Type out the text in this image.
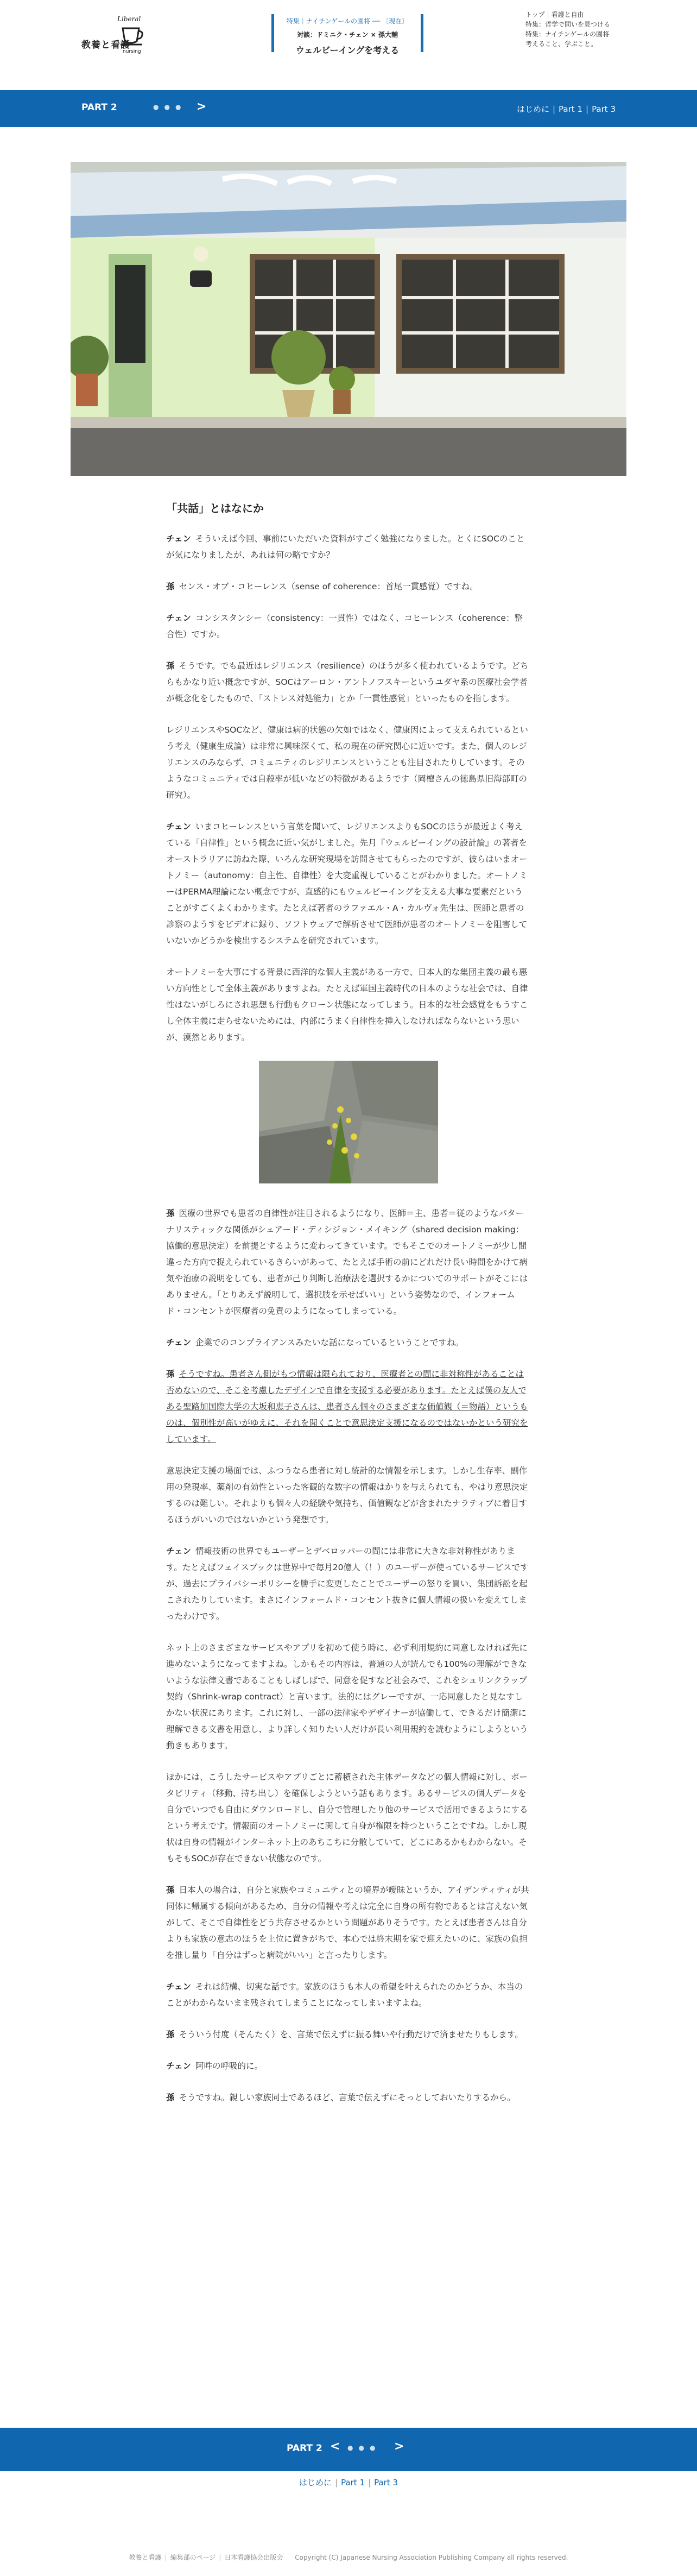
Liberal
教養と看護
nursing
特集｜ナイチンゲールの園将 ── 〔現在〕
対談：ドミニク・チェン × 孫大輔
ウェルビーイングを考える
トップ｜看護と自由
特集：哲学で問いを見つける
特集：ナイチンゲールの園将
考えること、学ぶこと。
PART 2	●●● >	はじめに | Part 1 | Part 3
「共話」とはなにか

チェン そういえば今回、事前にいただいた資料がすごく勉強になりました。とくにSOCのことが気になりましたが、あれは何の略ですか？

孫 センス・オブ・コヒーレンス（sense of coherence：首尾一貫感覚）ですね。

チェン コンシスタンシー（consistency：一貫性）ではなく、コヒーレンス（coherence：整合性）ですか。

孫 そうです。でも最近はレジリエンス（resilience）のほうが多く使われているようです。どちらもかなり近い概念ですが、SOCはアーロン・アントノフスキーというユダヤ系の医療社会学者が概念化をしたもので、「ストレス対処能力」とか「一貫性感覚」といったものを指します。

レジリエンスやSOCなど、健康は病的状態の欠如ではなく、健康因によって支えられているという考え（健康生成論）は非常に興味深くて、私の現在の研究関心に近いです。また、個人のレジリエンスのみならず、コミュニティのレジリエンスということも注目されたりしています。そのようなコミュニティでは自殺率が低いなどの特徴があるようです（岡檀さんの徳島県旧海部町の研究）。

チェン いまコヒーレンスという言葉を聞いて、レジリエンスよりもSOCのほうが最近よく考えている「自律性」という概念に近い気がしました。先月『ウェルビーイングの設計論』の著者をオーストラリアに訪ねた際、いろんな研究現場を訪問させてもらったのですが、彼らはいまオートノミー（autonomy：自主性、自律性）を大変重視していることがわかりました。オートノミーはPERMA理論にない概念ですが、直感的にもウェルビーイングを支える大事な要素だということがすごくよくわかります。たとえば著者のラファエル・A・カルヴォ先生は、医師と患者の診察のようすをビデオに録り、ソフトウェアで解析させて医師が患者のオートノミーを阻害していないかどうかを検出するシステムを研究されています。

オートノミーを大事にする背景に西洋的な個人主義がある一方で、日本人的な集団主義の最も悪い方向性として全体主義がありますよね。たとえば軍国主義時代の日本のような社会では、自律性はないがしろにされ思想も行動もクローン状態になってしまう。日本的な社会感覚をもうすこし全体主義に走らせないためには、内部にうまく自律性を挿入しなければならないという思いが、漠然とあります。

孫 医療の世界でも患者の自律性が注目されるようになり、医師＝主、患者＝従のようなパターナリスティックな関係がシェアード・ディシジョン・メイキング（shared decision making：協働的意思決定）を前提とするように変わってきています。でもそこでのオートノミーが少し間違った方向で捉えられているきらいがあって、たとえば手術の前にどれだけ長い時間をかけて病気や治療の説明をしても、患者が己り判断し治療法を選択するかについてのサポートがそこにはありません。「とりあえず説明して、選択肢を示せばいい」という姿勢なので、インフォームド・コンセントが医療者の免責のようになってしまっている。

チェン 企業でのコンプライアンスみたいな話になっているということですね。

孫 そうですね。患者さん側がもつ情報は限られており、医療者との間に非対称性があることは否めないので、そこを考慮したデザインで自律を支援する必要があります。たとえば僕の友人である聖路加国際大学の大坂和恵子さんは、患者さん個々のさまざまな価値観（＝物語）というものは、個別性が高いがゆえに、それを聞くことで意思決定支援になるのではないかという研究をしています。

意思決定支援の場面では、ふつうなら患者に対し統計的な情報を示します。しかし生存率、副作用の発現率、薬剤の有効性といった客観的な数字の情報はかりを与えられても、やはり意思決定するのは難しい。それよりも個々人の経験や気持ち、価値観などが含まれたナラティブに着目するほうがいいのではないかという発想です。

チェン 情報技術の世界でもユーザーとデベロッパーの間には非常に大きな非対称性があります。たとえばフェイスブックは世界中で毎月20億人（！）のユーザーが使っているサービスですが、過去にプライバシーポリシーを勝手に変更したことでユーザーの怒りを買い、集団訴訟を起こされたりしています。まさにインフォームド・コンセント抜きに個人情報の扱いを変えてしまったわけです。

ネット上のさまざまなサービスやアプリを初めて使う時に、必ず利用規約に同意しなければ先に進めないようになってますよね。しかもその内容は、普通の人が読んでも100%の理解ができないような法律文書であることもしばしばで、同意を促すなど社会みで、これをシュリンクラップ契約（Shrink-wrap contract）と言います。法的にはグレーですが、一応同意したと見なすしかない状況にあります。これに対し、一部の法律家やデザイナーが協働して、できるだけ簡潔に理解できる文書を用意し、より詳しく知りたい人だけが長い利用規約を読むようにしようという動きもあります。

ほかには、こうしたサービスやアプリごとに蓄積された主体データなどの個人情報に対し、ポータビリティ（移動、持ち出し）を確保しようという話もあります。あるサービスの個人データを自分でいつでも自由にダウンロードし、自分で管理したり他のサービスで活用できるようにするという考えです。情報面のオートノミーに関して自身が権限を持つということですね。しかし現状は自身の情報がインターネット上のあちこちに分散していて、どこにあるかもわからない。そもそもSOCが存在できない状態なのです。

孫 日本人の場合は、自分と家族やコミュニティとの境界が曖昧というか、アイデンティティが共同体に帰属する傾向があるため、自分の情報や考えは完全に自身の所有物であるとは言えない気がして、そこで自律性をどう共存させるかという問題がありそうです。たとえば患者さんは自分よりも家族の意志のほうを上位に置きがちで、本心では終末期を家で迎えたいのに、家族の負担を推し量り「自分はずっと病院がいい」と言ったりします。

チェン それは結構、切実な話です。家族のほうも本人の希望を叶えられたのかどうか、本当のことがわからないまま残されてしまうことになってしまいますよね。

孫 そういう付度（そんたく）を、言葉で伝えずに振る舞いや行動だけで済ませたりもします。

チェン 阿吽の呼吸的に。

孫 そうですね。親しい家族同士であるほど、言葉で伝えずにそっとしておいたりするから。

PART 2 < ●●● >
はじめに | Part 1 | Part 3
教養と看護 | 編集部のページ | 日本看護協会出版会 Copyright (C) Japanese Nursing Association Publishing Company all rights reserved.
